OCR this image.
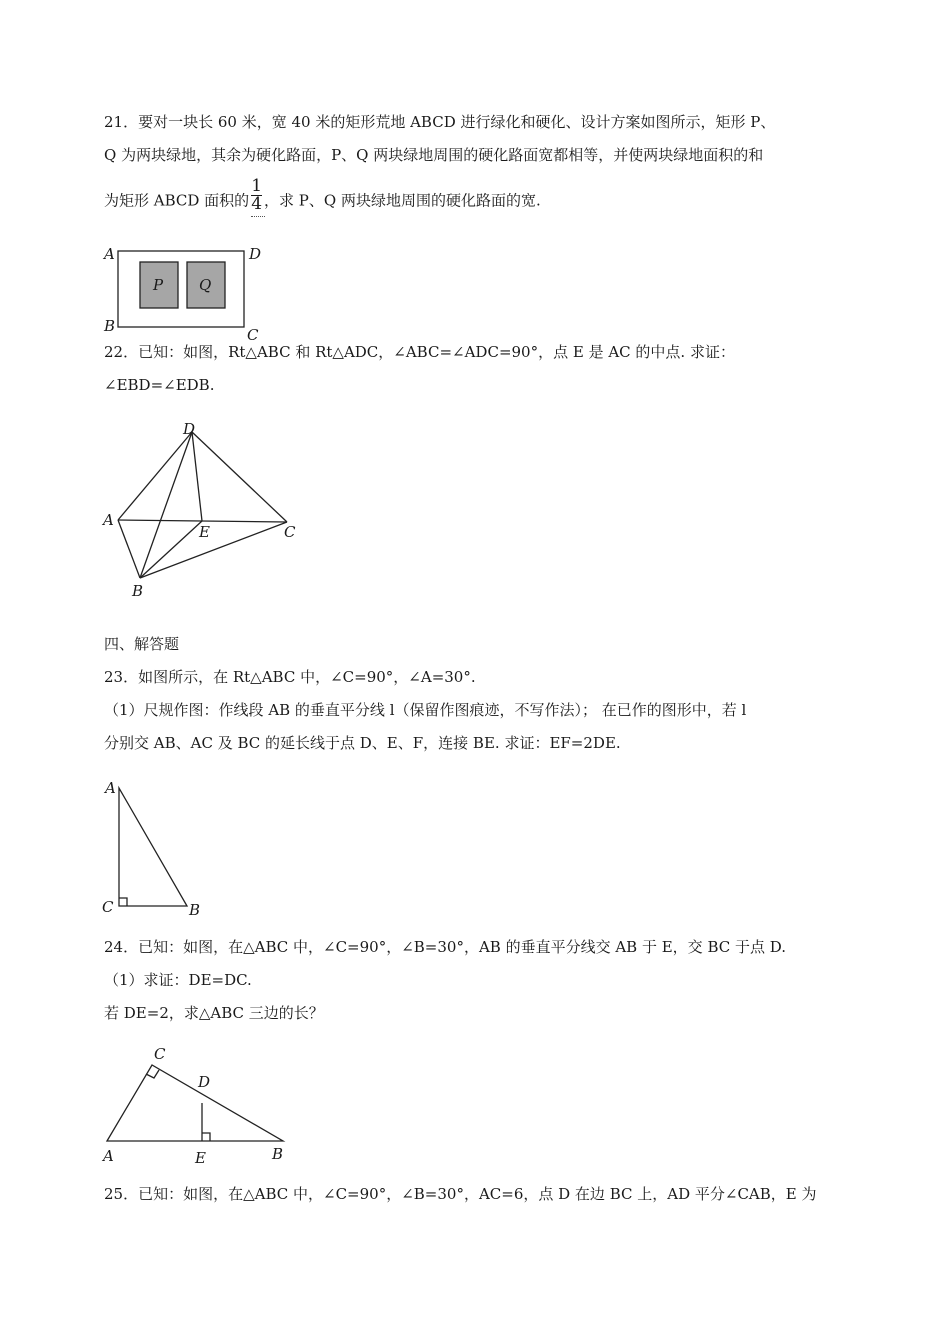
21．要对一块长 60 米，宽 40 米的矩形荒地 ABCD 进行绿化和硬化、设计方案如图所示，矩形 P、
Q 为两块绿地，其余为硬化路面，P、Q 两块绿地周围的硬化路面宽都相等，并使两块绿地面积的和
为矩形 ABCD 面积的 $\frac{1}{4}$ ，求 P、Q 两块绿地周围的硬化路面的宽.
A	D
B	C
P Q
22．已知：如图，Rt△ABC 和 Rt△ADC，∠ABC=∠ADC=90°，点 E 是 AC 的中点. 求证：
∠EBD=∠EDB.
D
A
E	C
B
四、解答题
23．如图所示，在 Rt△ABC 中，∠C=90°，∠A=30°.
（1）尺规作图：作线段 AB 的垂直平分线 l（保留作图痕迹，不写作法）； 在已作的图形中，若 l
分别交 AB、AC 及 BC 的延长线于点 D、E、F，连接 BE. 求证：EF=2DE.
A
C	B
24．已知：如图，在△ABC 中，∠C=90°，∠B=30°，AB 的垂直平分线交 AB 于 E，交 BC 于点 D.
（1）求证：DE=DC.
若 DE=2，求△ABC 三边的长？
C
D
A	E	B
25．已知：如图，在△ABC 中，∠C=90°，∠B=30°，AC=6，点 D 在边 BC 上，AD 平分∠CAB，E 为
